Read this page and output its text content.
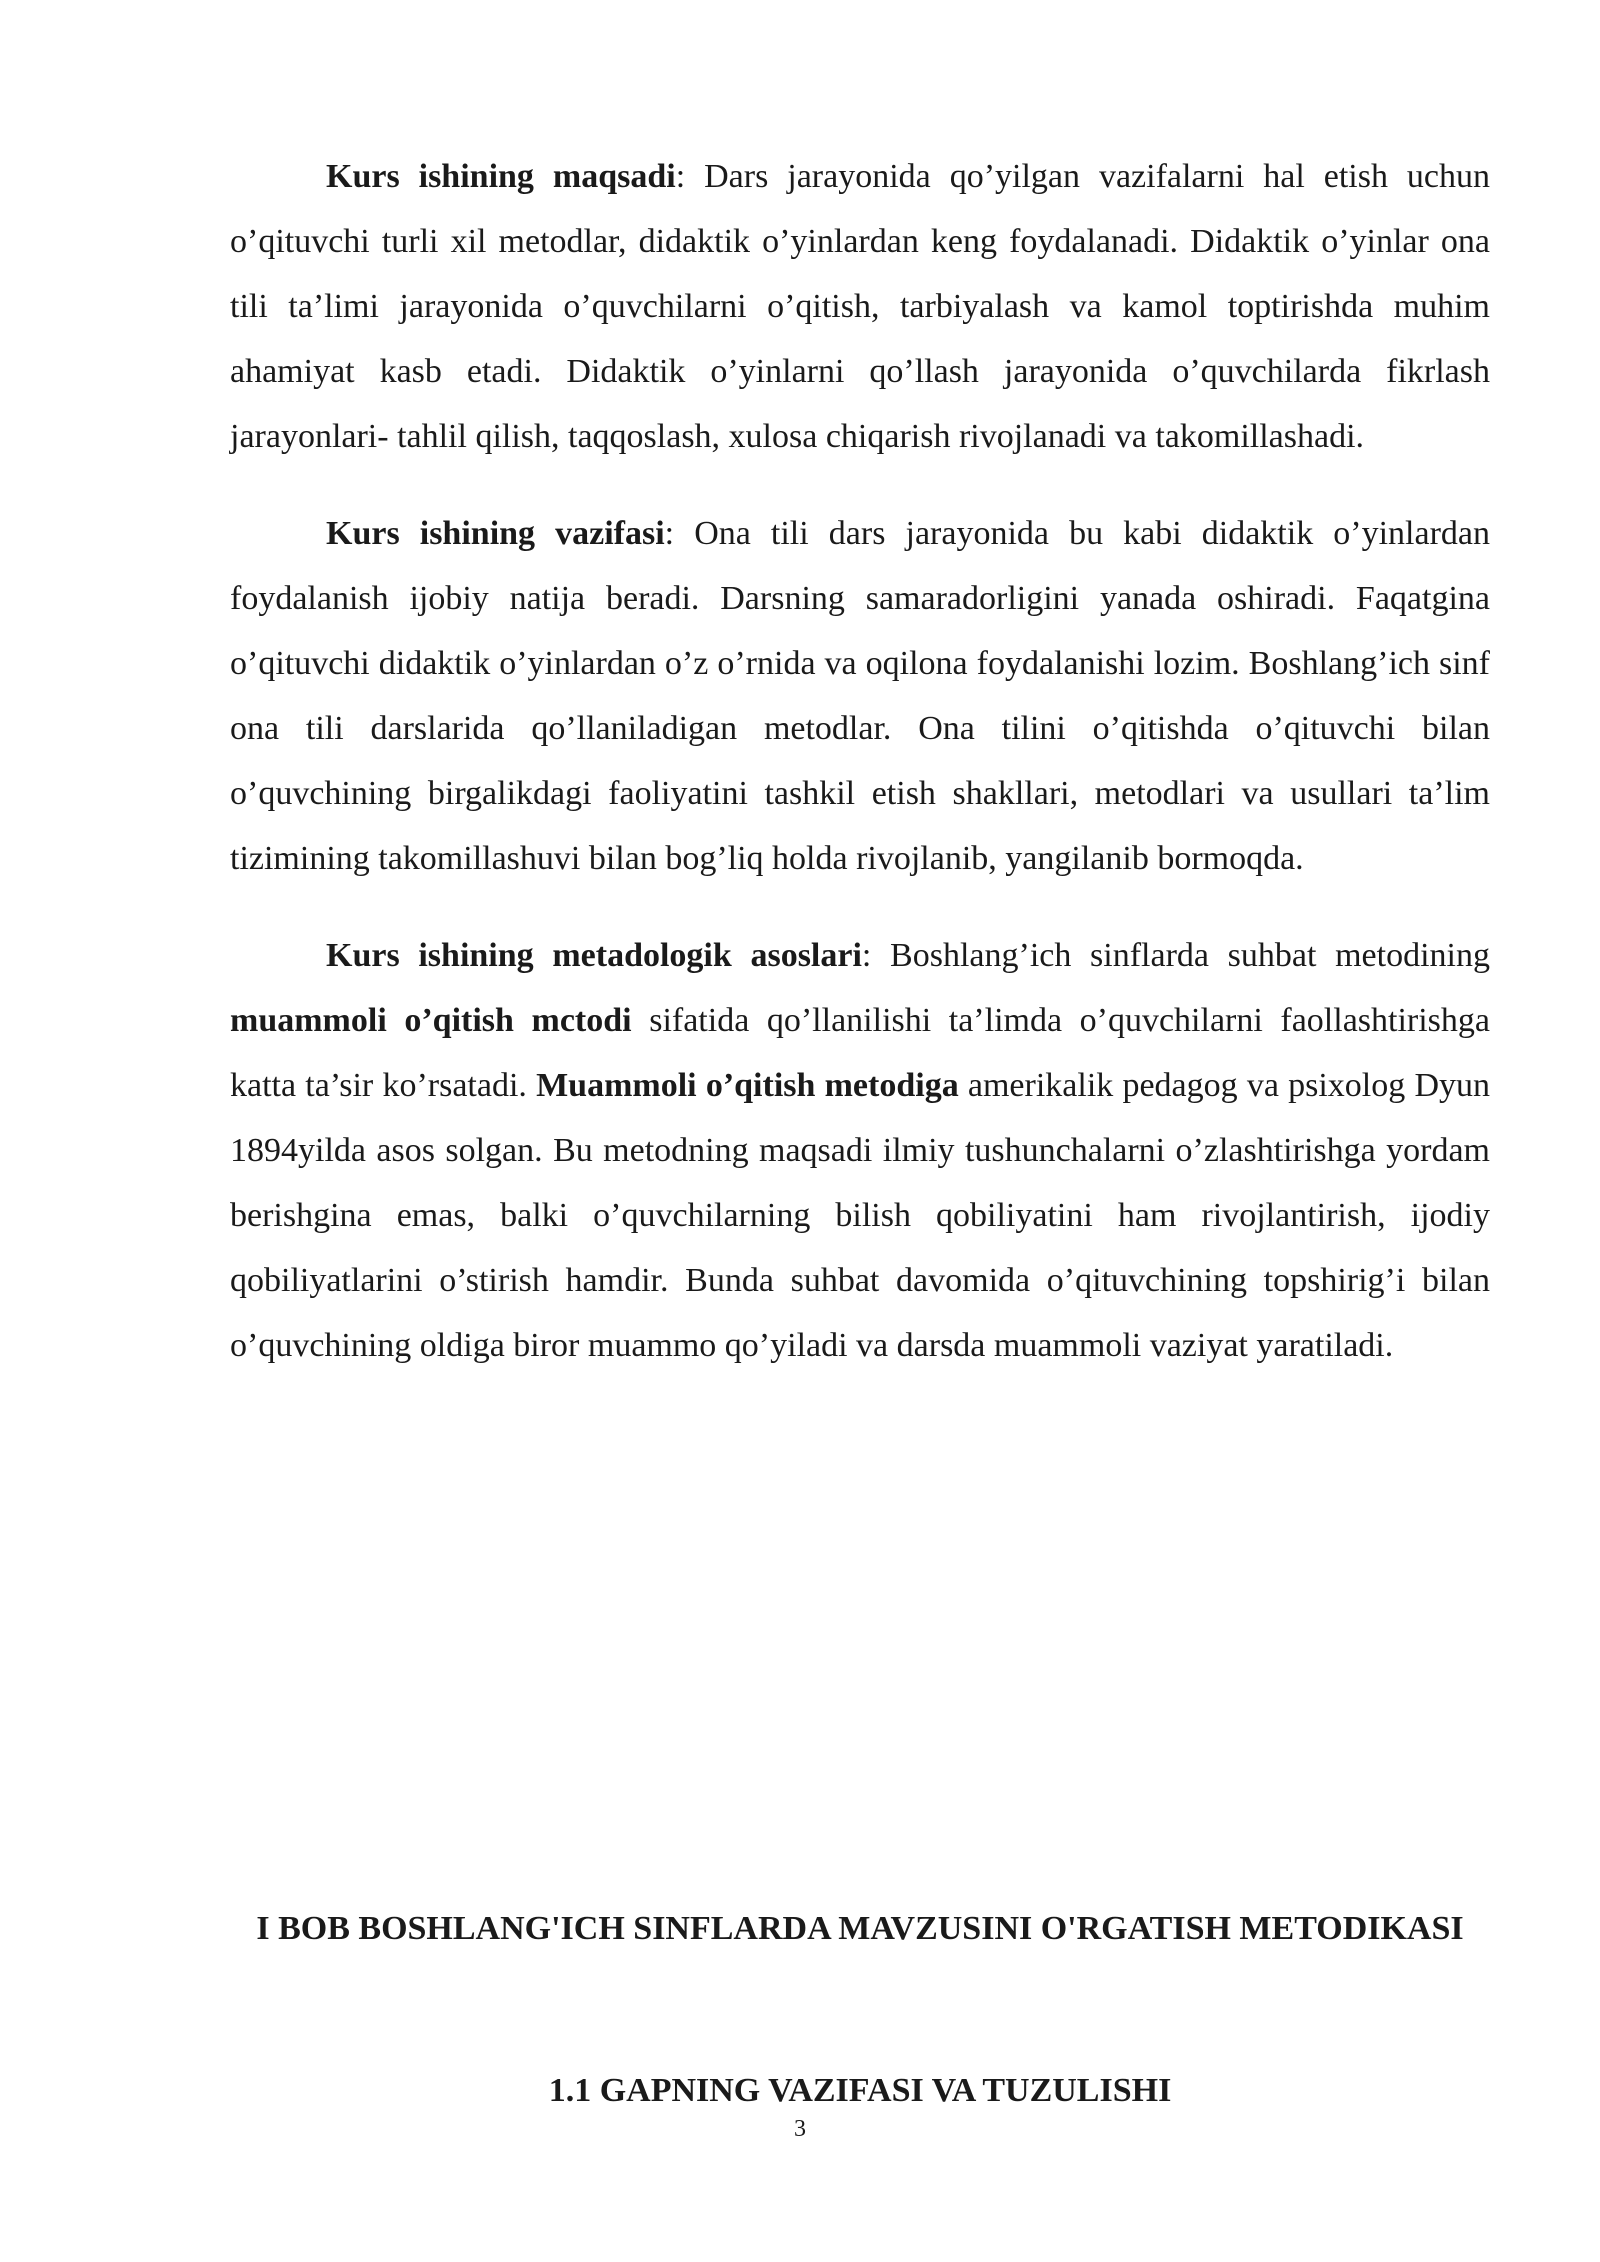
Kurs ishining maqsadi: Dars jarayonida qo’yilgan vazifalarni hal etish uchun o’qituvchi turli xil metodlar, didaktik o’yinlardan keng foydalanadi. Didaktik o’yinlar ona tili ta’limi jarayonida o’quvchilarni o’qitish, tarbiyalash va kamol toptirishda muhim ahamiyat kasb etadi. Didaktik o’yinlarni qo’llash jarayonida o’quvchilarda fikrlash jarayonlari- tahlil qilish, taqqoslash, xulosa chiqarish rivojlanadi va takomillashadi.

Kurs ishining vazifasi: Ona tili dars jarayonida bu kabi didaktik o’yinlardan foydalanish ijobiy natija beradi. Darsning samaradorligini yanada oshiradi. Faqatgina o’qituvchi didaktik o’yinlardan o’z o’rnida va oqilona foydalanishi lozim. Boshlang’ich sinf ona tili darslarida qo’llaniladigan metodlar. Ona tilini o’qitishda o’qituvchi bilan o’quvchining birgalikdagi faoliyatini tashkil etish shakllari, metodlari va usullari ta’lim tizimining takomillashuvi bilan bog’liq holda rivojlanib, yangilanib bormoqda.

Kurs ishining metadologik asoslari: Boshlang’ich sinflarda suhbat metodining muammoli o’qitish mctodi sifatida qo’llanilishi ta’limda o’quvchilarni faollashtirishga katta ta’sir ko’rsatadi. Muammoli o’qitish metodiga amerikalik pedagog va psixolog Dyun 1894yilda asos solgan. Bu metodning maqsadi ilmiy tushunchalarni o’zlashtirishga yordam berishgina emas, balki o’quvchilarning bilish qobiliyatini ham rivojlantirish, ijodiy qobiliyatlarini o’stirish hamdir. Bunda suhbat davomida o’qituvchining topshirig’i bilan o’quvchining oldiga biror muammo qo’yiladi va darsda muammoli vaziyat yaratiladi.

I BOB BOSHLANG'ICH SINFLARDA MAVZUSINI O'RGATISH METODIKASI
1.1 GAPNING VAZIFASI VA TUZULISHI
3
